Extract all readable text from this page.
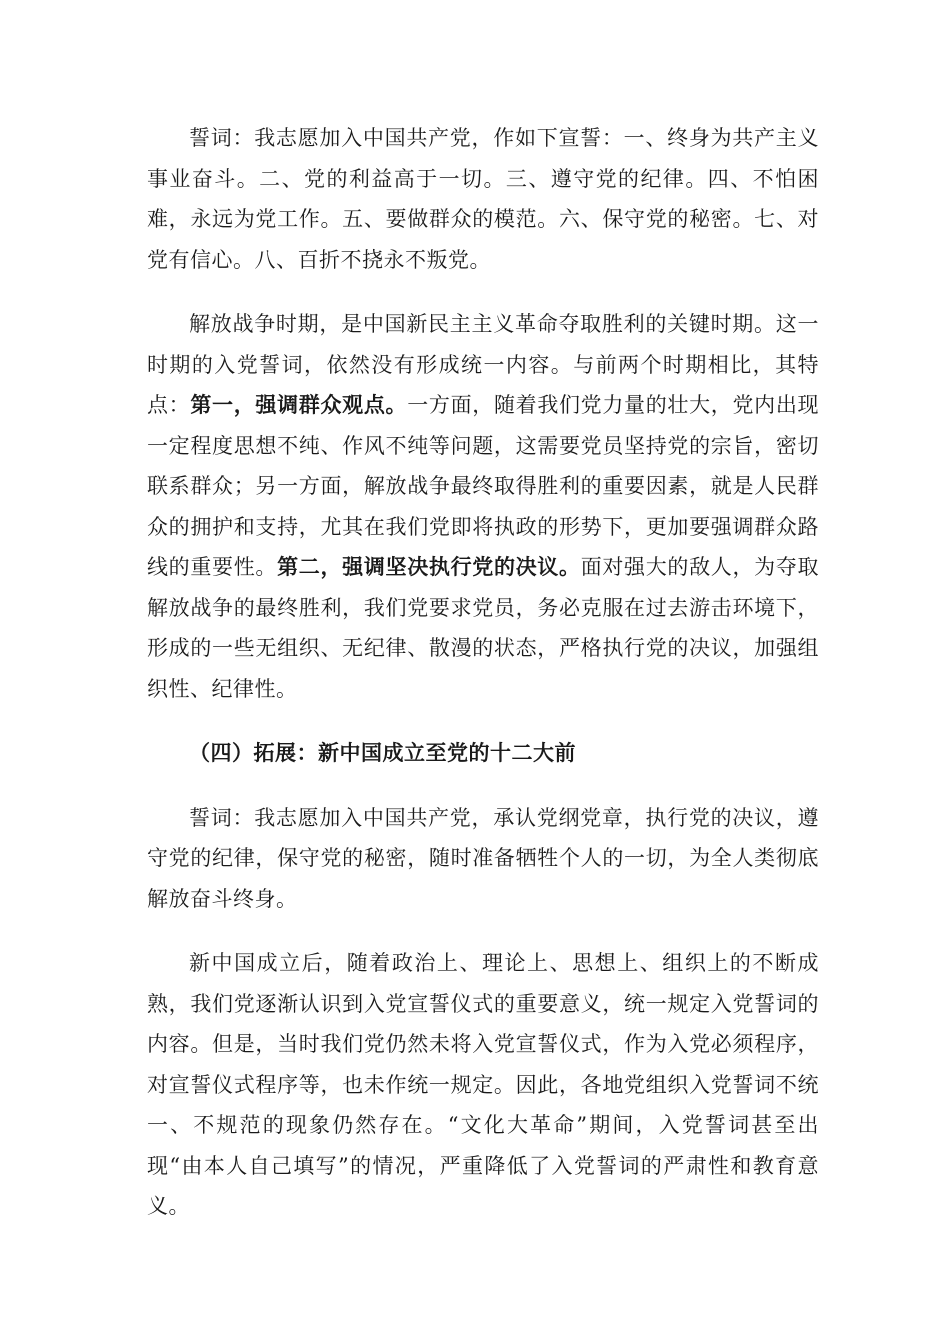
誓词：我志愿加入中国共产党，作如下宣誓：一、终身为共产主义事业奋斗。二、党的利益高于一切。三、遵守党的纪律。四、不怕困难，永远为党工作。五、要做群众的模范。六、保守党的秘密。七、对党有信心。八、百折不挠永不叛党。

解放战争时期，是中国新民主主义革命夺取胜利的关键时期。这一时期的入党誓词，依然没有形成统一内容。与前两个时期相比，其特点：第一，强调群众观点。一方面，随着我们党力量的壮大，党内出现一定程度思想不纯、作风不纯等问题，这需要党员坚持党的宗旨，密切联系群众；另一方面，解放战争最终取得胜利的重要因素，就是人民群众的拥护和支持，尤其在我们党即将执政的形势下，更加要强调群众路线的重要性。第二，强调坚决执行党的决议。面对强大的敌人，为夺取解放战争的最终胜利，我们党要求党员，务必克服在过去游击环境下，形成的一些无组织、无纪律、散漫的状态，严格执行党的决议，加强组织性、纪律性。

（四）拓展：新中国成立至党的十二大前

誓词：我志愿加入中国共产党，承认党纲党章，执行党的决议，遵守党的纪律，保守党的秘密，随时准备牺牲个人的一切，为全人类彻底解放奋斗终身。

新中国成立后，随着政治上、理论上、思想上、组织上的不断成熟，我们党逐渐认识到入党宣誓仪式的重要意义，统一规定入党誓词的内容。但是，当时我们党仍然未将入党宣誓仪式，作为入党必须程序，对宣誓仪式程序等，也未作统一规定。因此，各地党组织入党誓词不统一、不规范的现象仍然存在。“文化大革命”期间，入党誓词甚至出现“由本人自己填写”的情况，严重降低了入党誓词的严肃性和教育意义。
